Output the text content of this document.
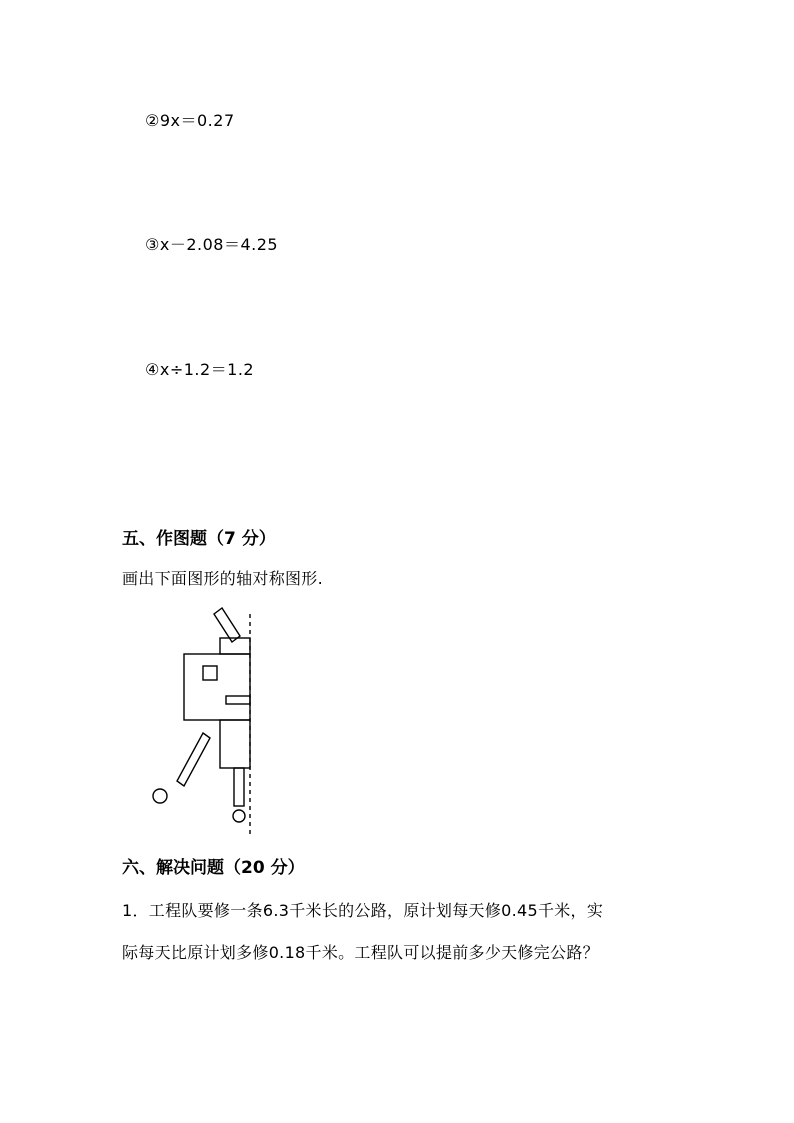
②9x＝0.27
③x－2.08＝4.25
④x÷1.2＝1.2
五、作图题（7 分）
画出下面图形的轴对称图形.
六、解决问题（20 分）
1．工程队要修一条6.3千米长的公路，原计划每天修0.45千米，实
际每天比原计划多修0.18千米。工程队可以提前多少天修完公路？
